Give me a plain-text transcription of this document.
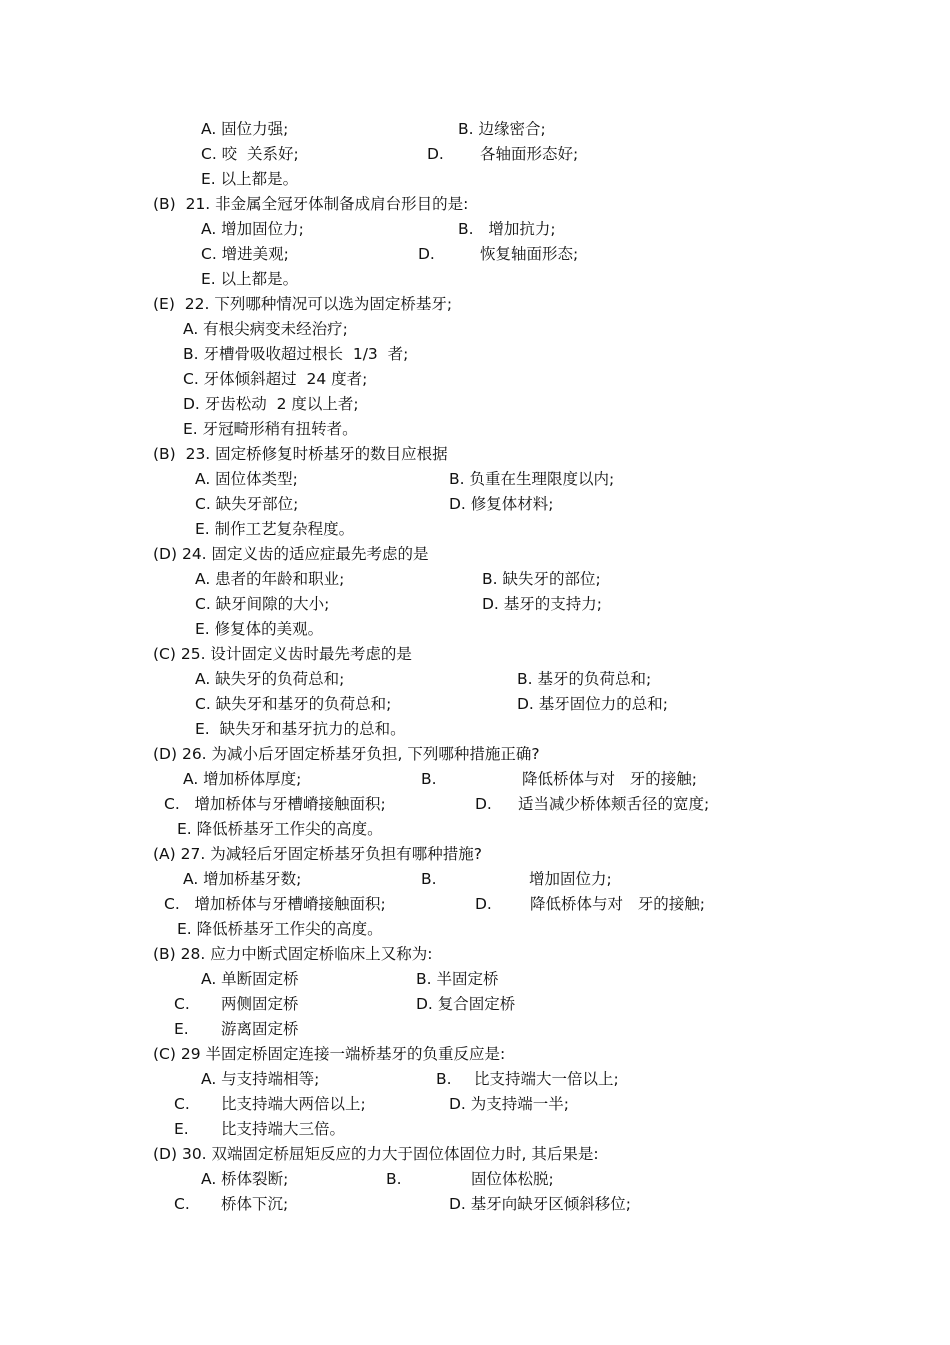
A. 固位力强;	B. 边缘密合;
C. 咬  关系好;	D. 各轴面形态好;
E. 以上都是。
(B)  21. 非金属全冠牙体制备成肩台形目的是:
A. 增加固位力;	B.   增加抗力;
C. 增进美观;	D.	恢复轴面形态;
E. 以上都是。
(E)  22. 下列哪种情况可以选为固定桥基牙;
A. 有根尖病变未经治疗;
B. 牙槽骨吸收超过根长  1/3  者;
C. 牙体倾斜超过  24 度者;
D. 牙齿松动  2 度以上者;
E. 牙冠畸形稍有扭转者。
(B)  23. 固定桥修复时桥基牙的数目应根据
A. 固位体类型;	B. 负重在生理限度以内;
C. 缺失牙部位;	D. 修复体材料;
E. 制作工艺复杂程度。
(D) 24. 固定义齿的适应症最先考虑的是
A. 患者的年龄和职业;	B. 缺失牙的部位;
C. 缺牙间隙的大小;	D. 基牙的支持力;
E. 修复体的美观。
(C) 25. 设计固定义齿时最先考虑的是
A. 缺失牙的负荷总和;	B. 基牙的负荷总和;
C. 缺失牙和基牙的负荷总和;	D. 基牙固位力的总和;
E.  缺失牙和基牙抗力的总和。
(D) 26. 为减小后牙固定桥基牙负担, 下列哪种措施正确?
A. 增加桥体厚度;	B.	降低桥体与对   牙的接触;
C.   增加桥体与牙槽嵴接触面积;	D. 适当减少桥体颊舌径的宽度;
E. 降低桥基牙工作尖的高度。
(A) 27. 为减轻后牙固定桥基牙负担有哪种措施?
A. 增加桥基牙数;	B.	增加固位力;
C.   增加桥体与牙槽嵴接触面积;	D. 降低桥体与对   牙的接触;
E. 降低桥基牙工作尖的高度。
(B) 28. 应力中断式固定桥临床上又称为:
A. 单断固定桥	B. 半固定桥
C. 两侧固定桥	D. 复合固定桥
E. 游离固定桥
(C) 29 半固定桥固定连接一端桥基牙的负重反应是:
A. 与支持端相等;	B. 比支持端大一倍以上;
C. 比支持端大两倍以上;	D. 为支持端一半;
E. 比支持端大三倍。
(D) 30. 双端固定桥屈矩反应的力大于固位体固位力时, 其后果是:
A. 桥体裂断;	B.	固位体松脱;
C. 桥体下沉;	D. 基牙向缺牙区倾斜移位;
